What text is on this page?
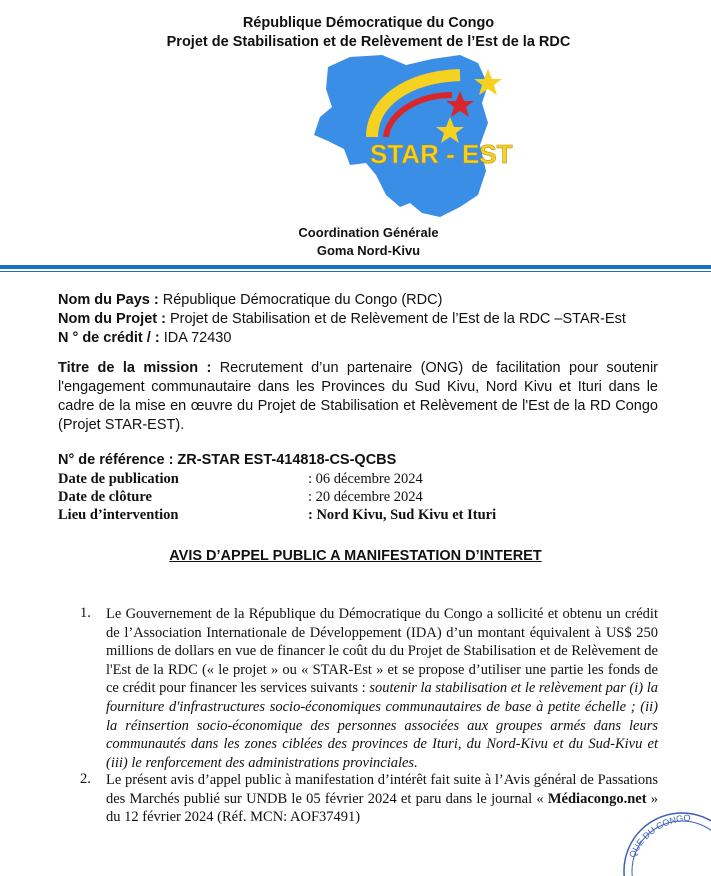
République Démocratique du Congo
Projet de Stabilisation et de Relèvement de l’Est de la RDC
STAR - EST
Coordination Générale
Goma Nord-Kivu
Nom du Pays : République Démocratique du Congo (RDC)
Nom du Projet : Projet de Stabilisation et de Relèvement de l’Est de la RDC –STAR-Est
N ° de crédit / : IDA 72430
Titre de la mission : Recrutement d’un partenaire (ONG) de facilitation pour soutenir l'engagement communautaire dans les Provinces du Sud Kivu, Nord Kivu et Ituri dans le cadre de la mise en œuvre du Projet de Stabilisation et Relèvement de l'Est de la RD Congo (Projet STAR-EST).
N° de référence : ZR-STAR EST-414818-CS-QCBS
Date de publication	: 06 décembre 2024
Date de clôture	: 20 décembre 2024
Lieu d’intervention	: Nord Kivu, Sud Kivu et Ituri
AVIS D’APPEL PUBLIC A MANIFESTATION D’INTERET
1. Le Gouvernement de la République du Démocratique du Congo a sollicité et obtenu un crédit de l’Association Internationale de Développement (IDA) d’un montant équivalent à US$ 250 millions de dollars en vue de financer le coût du du Projet de Stabilisation et de Relèvement de l'Est de la RDC (« le projet » ou « STAR-Est » et se propose d’utiliser une partie les fonds de ce crédit pour financer les services suivants : soutenir la stabilisation et le relèvement par (i) la fourniture d'infrastructures socio-économiques communautaires de base à petite échelle ; (ii) la réinsertion socio-économique des personnes associées aux groupes armés dans leurs communautés dans les zones ciblées des provinces de Ituri, du Nord-Kivu et du Sud-Kivu et (iii) le renforcement des administrations provinciales.
2. Le présent avis d’appel public à manifestation d’intérêt fait suite à l’Avis général de Passations des Marchés publié sur UNDB le 05 février 2024 et paru dans le journal « Médiacongo.net » du 12 février 2024 (Réf. MCN: AOF37491)
QUE DU CONGO
